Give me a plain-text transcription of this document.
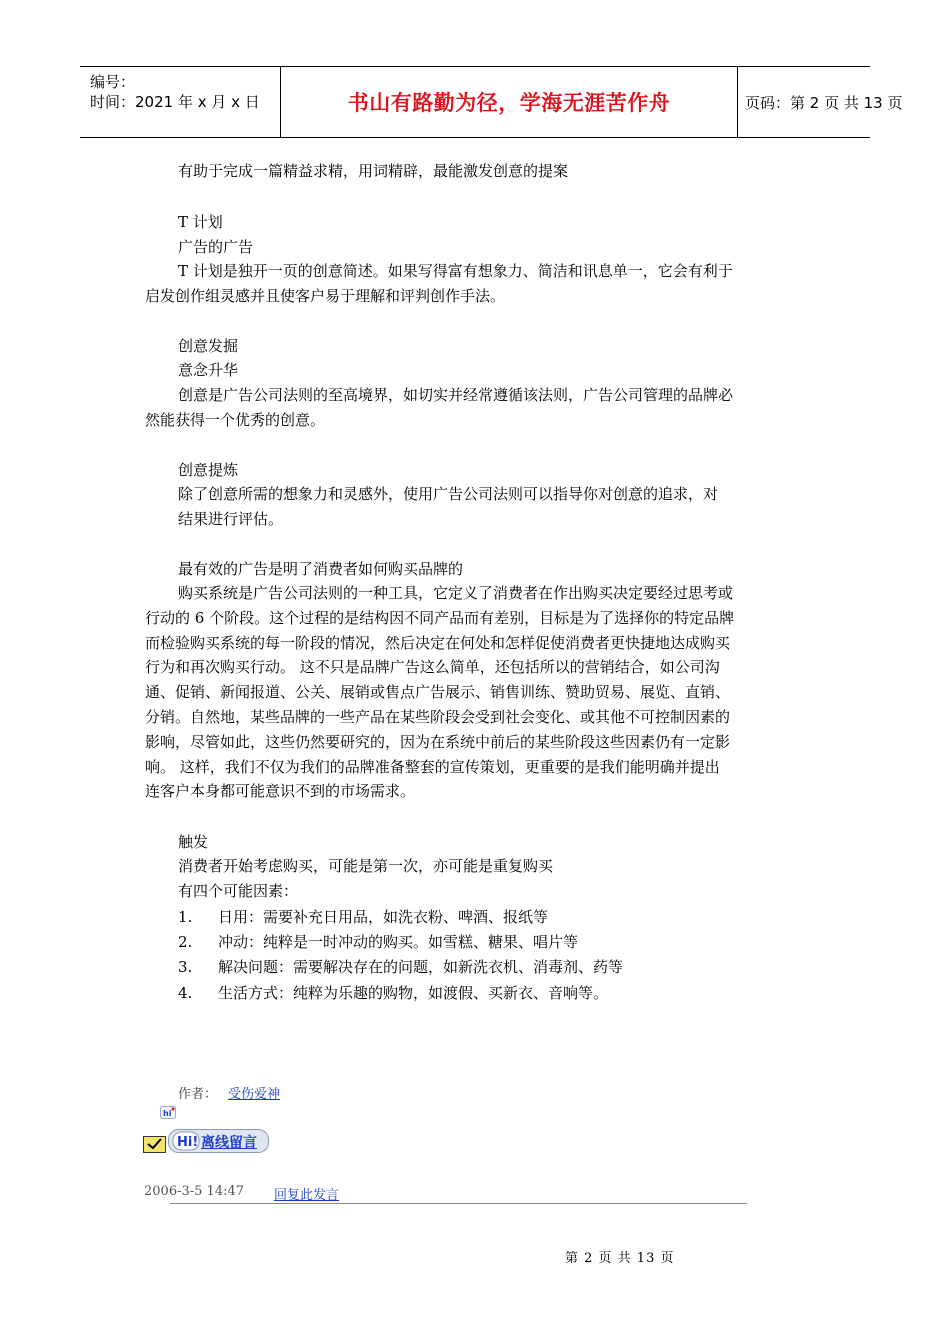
编号：
时间：2021 年 x 月 x 日	书山有路勤为径，学海无涯苦作舟	页码：第 2 页 共 13 页
有助于完成一篇精益求精，用词精辟，最能激发创意的提案
T 计划
广告的广告
T 计划是独开一页的创意简述。如果写得富有想象力、简洁和讯息单一，它会有利于
启发创作组灵感并且使客户易于理解和评判创作手法。
创意发掘
意念升华
创意是广告公司法则的至高境界，如切实并经常遵循该法则，广告公司管理的品牌必
然能获得一个优秀的创意。
创意提炼
除了创意所需的想象力和灵感外，使用广告公司法则可以指导你对创意的追求，对
结果进行评估。
最有效的广告是明了消费者如何购买品牌的
购买系统是广告公司法则的一种工具，它定义了消费者在作出购买决定要经过思考或
行动的 6 个阶段。这个过程的是结构因不同产品而有差别，目标是为了选择你的特定品牌
而检验购买系统的每一阶段的情况，然后决定在何处和怎样促使消费者更快捷地达成购买
行为和再次购买行动。 这不只是品牌广告这么简单，还包括所以的营销结合，如公司沟
通、促销、新闻报道、公关、展销或售点广告展示、销售训练、赞助贸易、展览、直销、
分销。自然地，某些品牌的一些产品在某些阶段会受到社会变化、或其他不可控制因素的
影响，尽管如此，这些仍然要研究的，因为在系统中前后的某些阶段这些因素仍有一定影
响。 这样，我们不仅为我们的品牌准备整套的宣传策划，更重要的是我们能明确并提出
连客户本身都可能意识不到的市场需求。
触发
消费者开始考虑购买，可能是第一次，亦可能是重复购买
有四个可能因素：
1. 日用：需要补充日用品，如洗衣粉、啤酒、报纸等
2. 冲动：纯粹是一时冲动的购买。如雪糕、糖果、唱片等
3. 解决问题：需要解决存在的问题，如新洗衣机、消毒剂、药等
4. 生活方式：纯粹为乐趣的购物，如渡假、买新衣、音响等。
作者： 受伤爱神
hi
Hi! 离线留言
2006-3-5 14:47 回复此发言
第 2 页 共 13 页
